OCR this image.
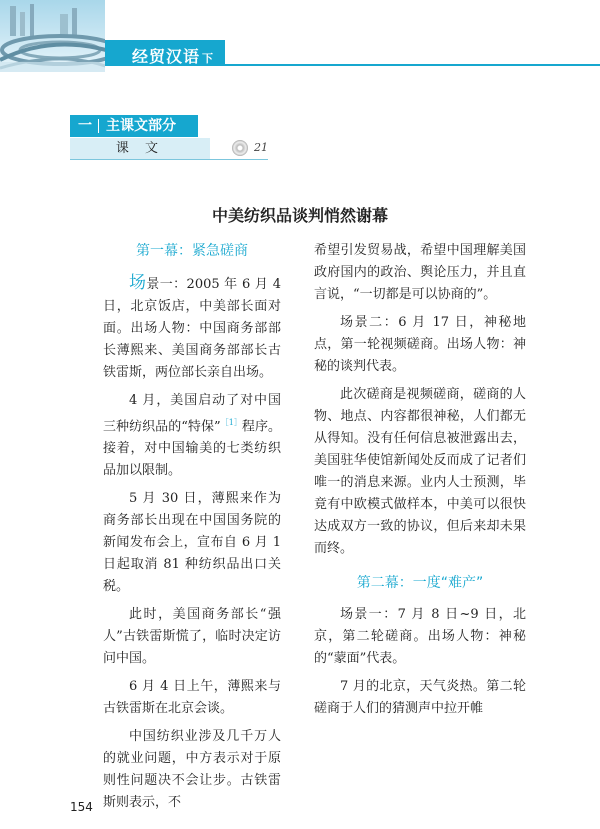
经贸汉语 下
一	主课文部分
课 文	21
中美纺织品谈判悄然谢幕
第一幕：紧急磋商

场景一：2005 年 6 月 4 日，北京饭店，中美部长面对面。出场人物：中国商务部部长薄熙来、美国商务部部长古铁雷斯，两位部长亲自出场。

4 月，美国启动了对中国三种纺织品的“特保”$^{[1]}$程序。接着，对中国输美的七类纺织品加以限制。

5 月 30 日，薄熙来作为商务部长出现在中国国务院的新闻发布会上，宣布自 6 月 1 日起取消 81 种纺织品出口关税。

此时，美国商务部长“强人”古铁雷斯慌了，临时决定访问中国。

6 月 4 日上午，薄熙来与古铁雷斯在北京会谈。

中国纺织业涉及几千万人的就业问题，中方表示对于原则性问题决不会让步。古铁雷斯则表示，不

希望引发贸易战，希望中国理解美国政府国内的政治、舆论压力，并且直言说，“一切都是可以协商的”。

场景二：6 月 17 日，神秘地点，第一轮视频磋商。出场人物：神秘的谈判代表。

此次磋商是视频磋商，磋商的人物、地点、内容都很神秘，人们都无从得知。没有任何信息被泄露出去，美国驻华使馆新闻处反而成了记者们唯一的消息来源。业内人士预测，毕竟有中欧模式做样本，中美可以很快达成双方一致的协议，但后来却未果而终。

第二幕：一度“难产”

场景一：7 月 8 日~9 日，北京，第二轮磋商。出场人物：神秘的“蒙面”代表。

7 月的北京，天气炎热。第二轮磋商于人们的猜测声中拉开帷

154
